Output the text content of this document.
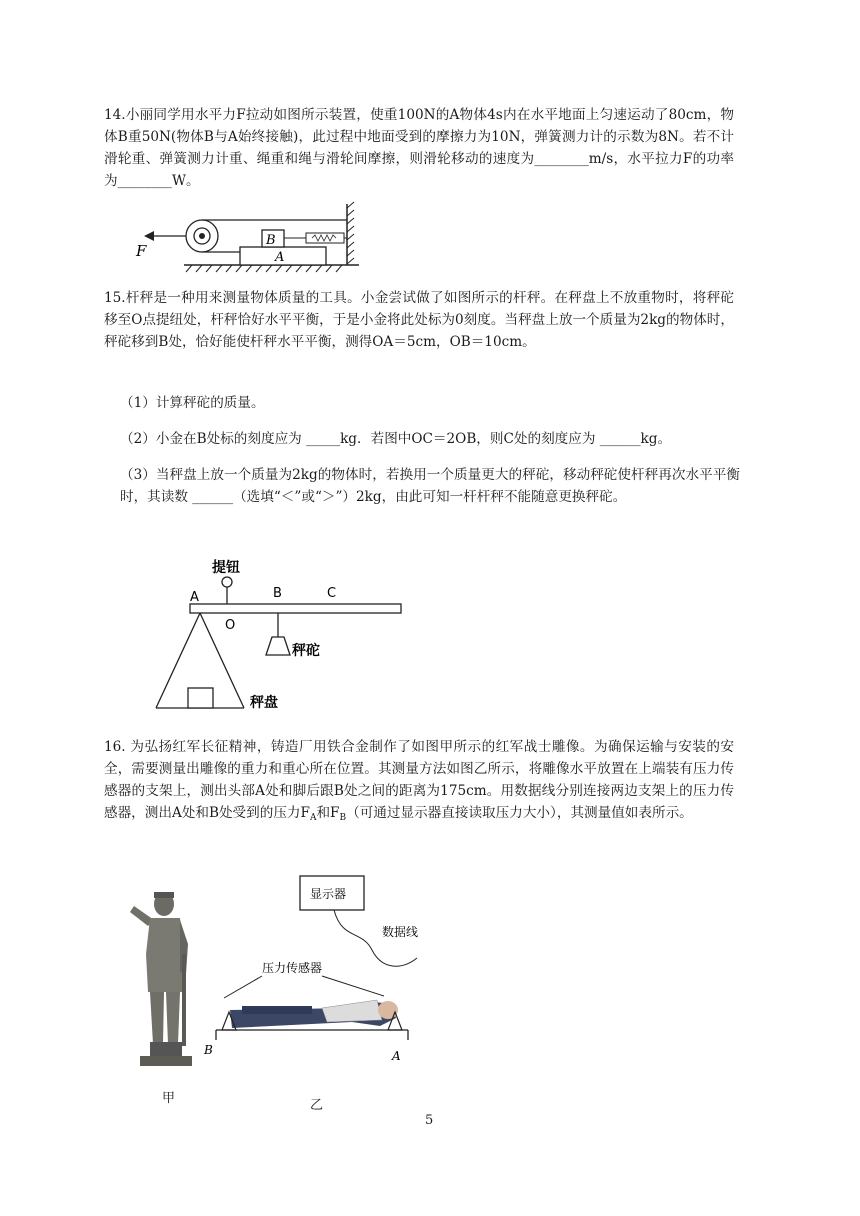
14.小丽同学用水平力F拉动如图所示装置，使重100N的A物体4s内在水平地面上匀速运动了80cm，物体B重50N(物体B与A始终接触)，此过程中地面受到的摩擦力为10N，弹簧测力计的示数为8N。若不计滑轮重、弹簧测力计重、绳重和绳与滑轮间摩擦，则滑轮移动的速度为________m/s，水平拉力F的功率为________W。
A
B
F
15.杆秤是一种用来测量物体质量的工具。小金尝试做了如图所示的杆秤。在秤盘上不放重物时，将秤砣移至O点提纽处，杆秤恰好水平平衡，于是小金将此处标为0刻度。当秤盘上放一个质量为2kg的物体时，秤砣移到B处，恰好能使杆秤水平平衡，测得OA＝5cm，OB＝10cm。
（1）计算秤砣的质量。
（2）小金在B处标的刻度应为 _____kg．若图中OC＝2OB，则C处的刻度应为 ______kg。
（3）当秤盘上放一个质量为2kg的物体时，若换用一个质量更大的秤砣，移动秤砣使杆秤再次水平平衡时，其读数 ______（选填“＜”或“＞”）2kg，由此可知一杆杆秤不能随意更换秤砣。
提钮
A
O
B	C
秤砣
秤盘
16. 为弘扬红军长征精神，铸造厂用铁合金制作了如图甲所示的红军战士雕像。为确保运输与安装的安全，需要测量出雕像的重力和重心所在位置。其测量方法如图乙所示，将雕像水平放置在上端装有压力传感器的支架上，测出头部A处和脚后跟B处之间的距离为175cm。用数据线分别连接两边支架上的压力传感器，测出A处和B处受到的压力$F_A$和$F_B$（可通过显示器直接读取压力大小），其测量值如表所示。
甲
显示器
数据线
压力传感器
B	A
乙
5
